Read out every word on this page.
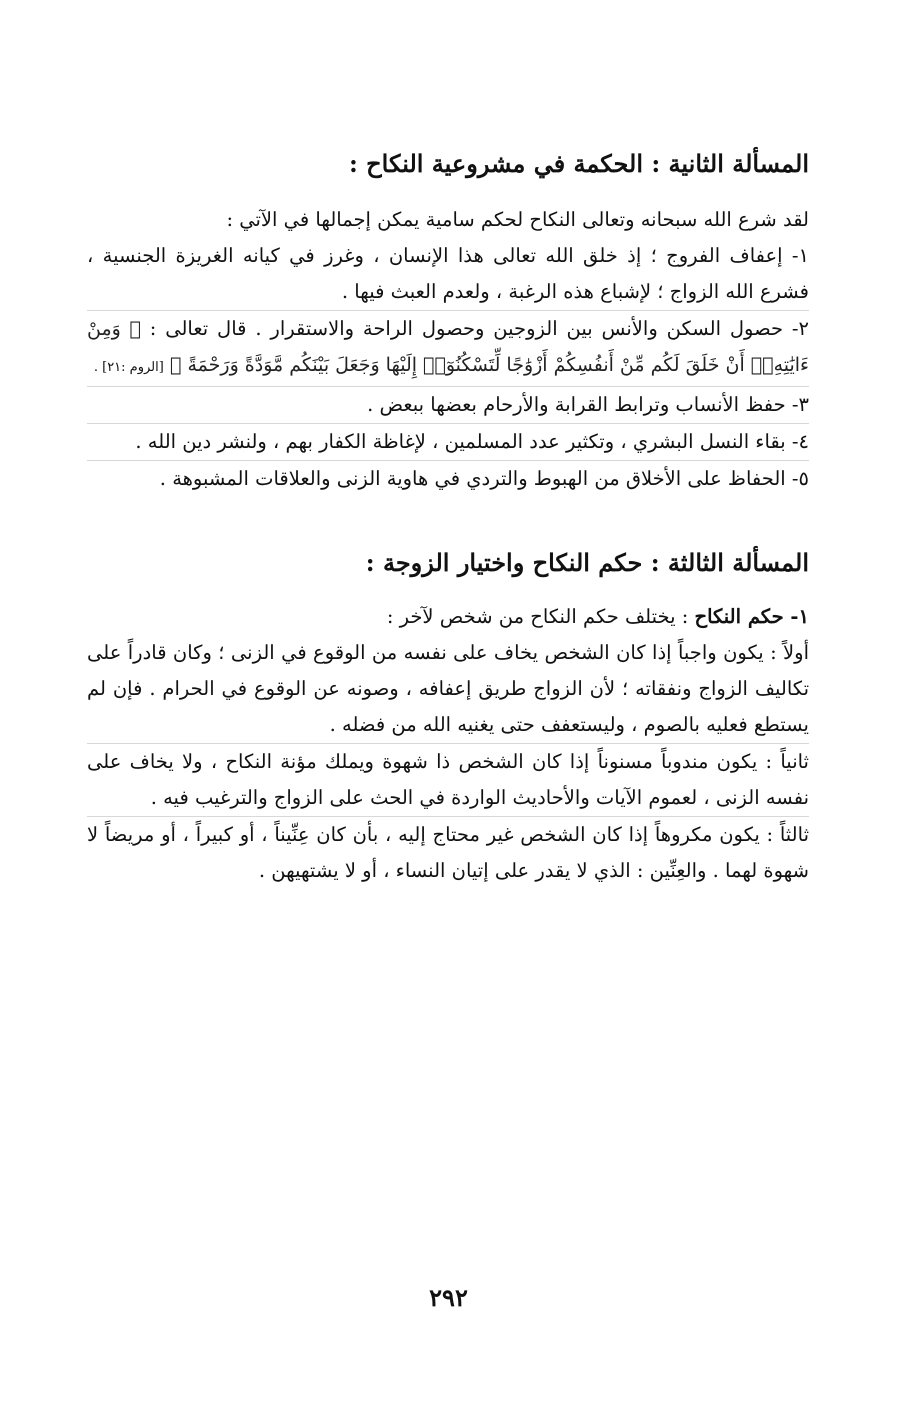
المسألة الثانية : الحكمة في مشروعية النكاح :

لقد شرع الله سبحانه وتعالى النكاح لحكم سامية يمكن إجمالها في الآتي :

١- إعفاف الفروج ؛ إذ خلق الله تعالى هذا الإنسان ، وغرز في كيانه الغريزة الجنسية ، فشرع الله الزواج ؛ لإشباع هذه الرغبة ، ولعدم العبث فيها .

٢- حصول السكن والأنس بين الزوجين وحصول الراحة والاستقرار . قال تعالى : ﴿ وَمِنْ ءَايَٰتِهِۦٓ أَنْ خَلَقَ لَكُم مِّنْ أَنفُسِكُمْ أَزْوَٰجًا لِّتَسْكُنُوٓا۟ إِلَيْهَا وَجَعَلَ بَيْنَكُم مَّوَدَّةً وَرَحْمَةً ﴾ [الروم :٢١] .

٣- حفظ الأنساب وترابط القرابة والأرحام بعضها ببعض .

٤- بقاء النسل البشري ، وتكثير عدد المسلمين ، لإغاظة الكفار بهم ، ولنشر دين الله .

٥- الحفاظ على الأخلاق من الهبوط والتردي في هاوية الزنى والعلاقات المشبوهة .

المسألة الثالثة : حكم النكاح واختيار الزوجة :

١- حكم النكاح : يختلف حكم النكاح من شخص لآخر :

أولاً : يكون واجباً إذا كان الشخص يخاف على نفسه من الوقوع في الزنى ؛ وكان قادراً على تكاليف الزواج ونفقاته ؛ لأن الزواج طريق إعفافه ، وصونه عن الوقوع في الحرام . فإن لم يستطع فعليه بالصوم ، وليستعفف حتى يغنيه الله من فضله .

ثانياً : يكون مندوباً مسنوناً إذا كان الشخص ذا شهوة ويملك مؤنة النكاح ، ولا يخاف على نفسه الزنى ، لعموم الآيات والأحاديث الواردة في الحث على الزواج والترغيب فيه .

ثالثاً : يكون مكروهاً إذا كان الشخص غير محتاج إليه ، بأن كان عِنِّيناً ، أو كبيراً ، أو مريضاً لا شهوة لهما . والعِنِّين : الذي لا يقدر على إتيان النساء ، أو لا يشتهيهن .

٢٩٢
